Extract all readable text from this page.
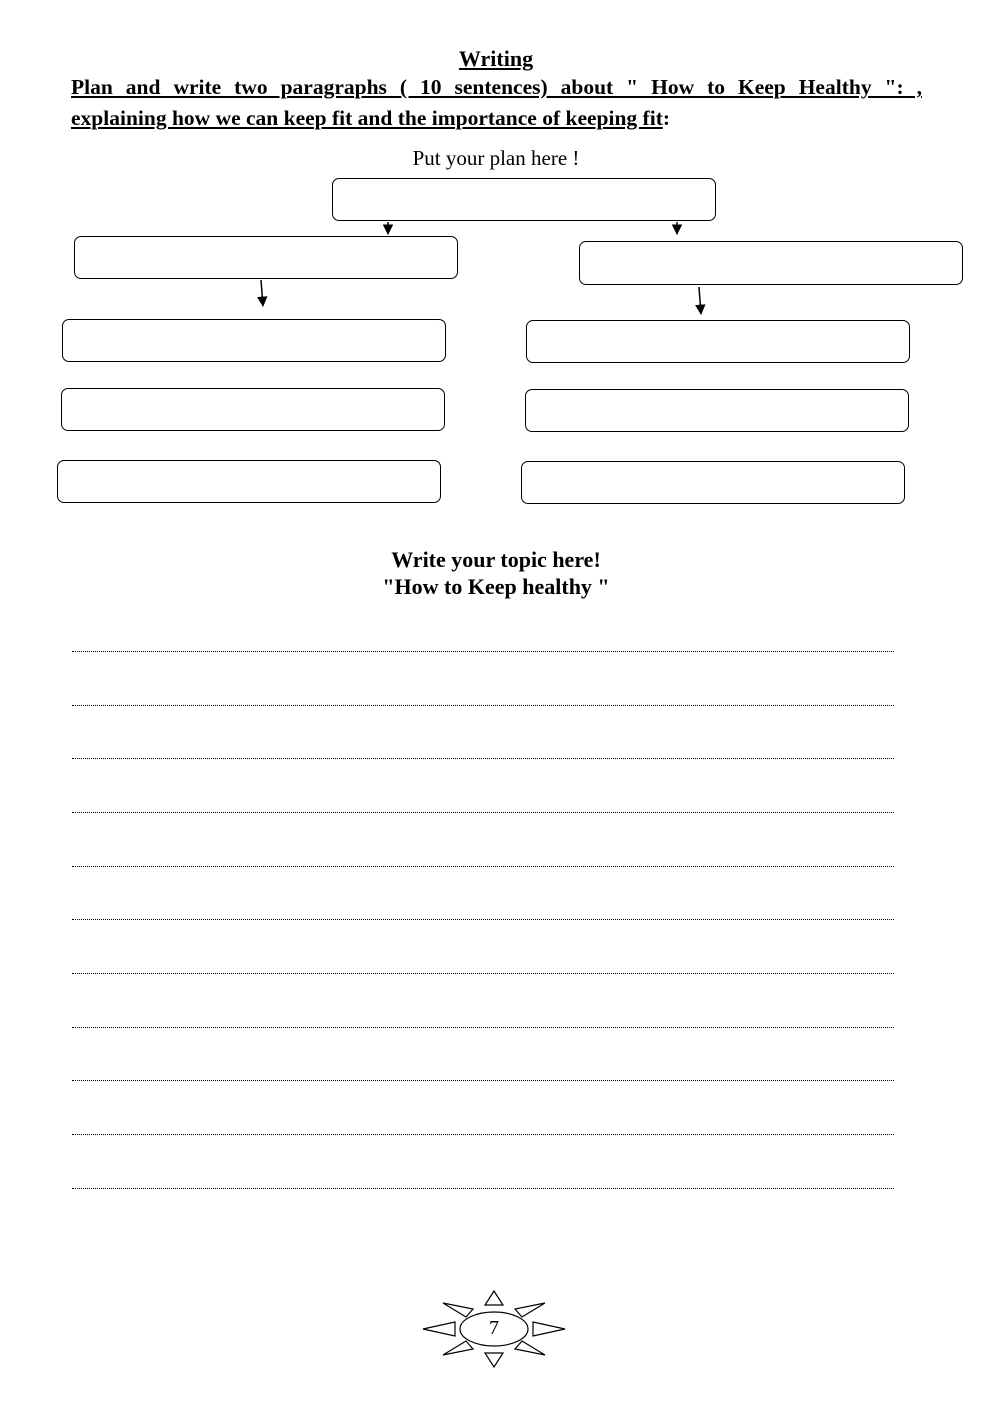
Writing
Plan and write two paragraphs ( 10 sentences) about " How to Keep Healthy ": ,
explaining how we can keep fit and the importance of keeping fit:
Put your plan here !
Write your topic here!
"How to Keep healthy "
7
